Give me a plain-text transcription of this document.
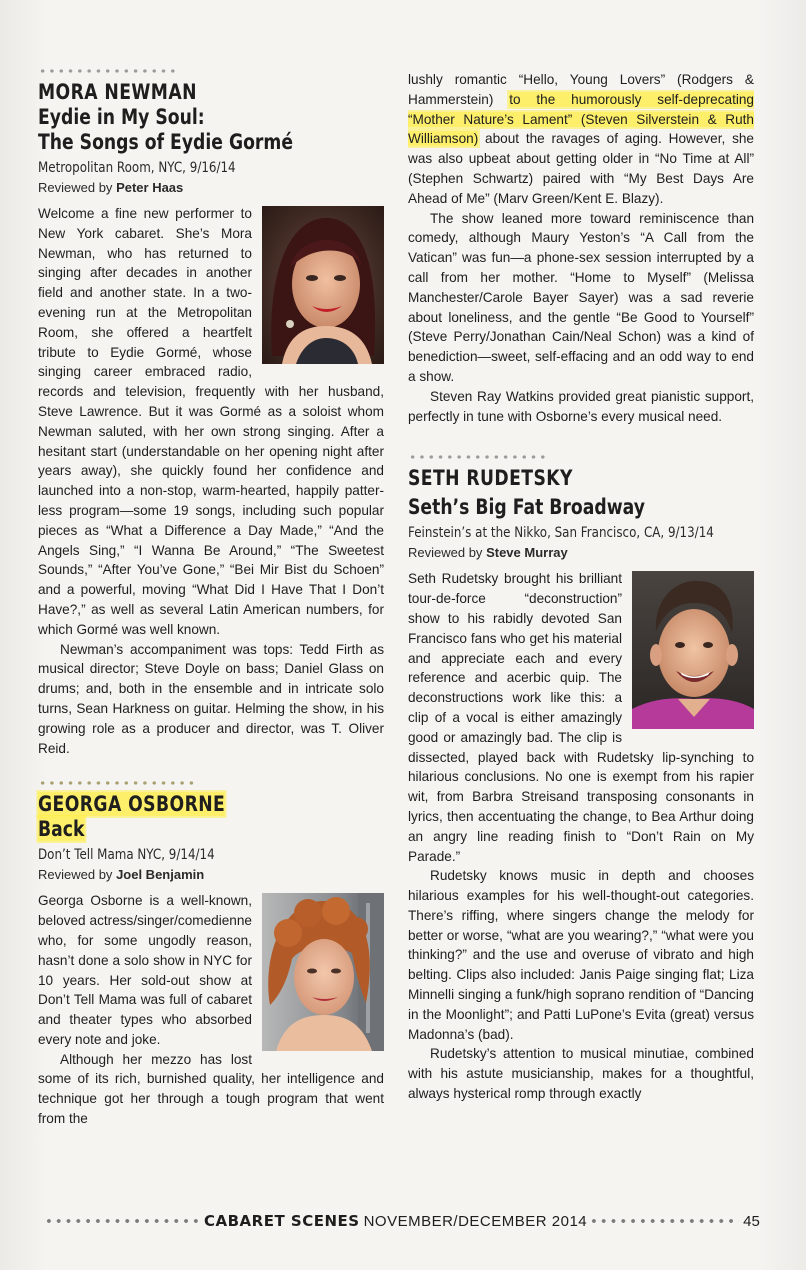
MORA NEWMAN
Eydie in My Soul:
The Songs of Eydie Gormé
Metropolitan Room, NYC, 9/16/14
Reviewed by Peter Haas

Welcome a fine new performer to New York cabaret. She’s Mora Newman, who has returned to singing after decades in another field and another state. In a two-evening run at the Metropolitan Room, she offered a heartfelt tribute to Eydie Gormé, whose singing career embraced radio, records and television, frequently with her husband, Steve Lawrence. But it was Gormé as a soloist whom Newman saluted, with her own strong singing. After a hesitant start (understandable on her opening night after years away), she quickly found her confidence and launched into a non-stop, warm-hearted, happily patter-less program—some 19 songs, including such popular pieces as “What a Difference a Day Made,” “And the Angels Sing,” “I Wanna Be Around,” “The Sweetest Sounds,” “After You’ve Gone,” “Bei Mir Bist du Schoen” and a powerful, moving “What Did I Have That I Don’t Have?,” as well as several Latin American numbers, for which Gormé was well known.

Newman’s accompaniment was tops: Tedd Firth as musical director; Steve Doyle on bass; Daniel Glass on drums; and, both in the ensemble and in intricate solo turns, Sean Harkness on guitar. Helming the show, in his growing role as a producer and director, was T. Oliver Reid.

GEORGA OSBORNE
Back
Don’t Tell Mama NYC, 9/14/14
Reviewed by Joel Benjamin

Georga Osborne is a well-known, beloved actress/singer/comedienne who, for some ungodly reason, hasn’t done a solo show in NYC for 10 years. Her sold-out show at Don’t Tell Mama was full of cabaret and theater types who absorbed every note and joke.

Although her mezzo has lost some of its rich, burnished quality, her intelligence and technique got her through a tough program that went from the

lushly romantic “Hello, Young Lovers” (Rodgers & Hammerstein) to the humorously self-deprecating “Mother Nature’s Lament” (Steven Silverstein & Ruth Williamson) about the ravages of aging. However, she was also upbeat about getting older in “No Time at All” (Stephen Schwartz) paired with “My Best Days Are Ahead of Me” (Marv Green/Kent E. Blazy).

The show leaned more toward reminiscence than comedy, although Maury Yeston’s “A Call from the Vatican” was fun—a phone-sex session interrupted by a call from her mother. “Home to Myself” (Melissa Manchester/Carole Bayer Sayer) was a sad reverie about loneliness, and the gentle “Be Good to Yourself” (Steve Perry/Jonathan Cain/Neal Schon) was a kind of benediction—sweet, self-effacing and an odd way to end a show.

Steven Ray Watkins provided great pianistic support, perfectly in tune with Osborne’s every musical need.

SETH RUDETSKY
Seth’s Big Fat Broadway
Feinstein’s at the Nikko, San Francisco, CA, 9/13/14
Reviewed by Steve Murray

Seth Rudetsky brought his brilliant tour-de-force “deconstruction” show to his rabidly devoted San Francisco fans who get his material and appreciate each and every reference and acerbic quip. The deconstructions work like this: a clip of a vocal is either amazingly good or amazingly bad. The clip is dissected, played back with Rudetsky lip-synching to hilarious conclusions. No one is exempt from his rapier wit, from Barbra Streisand transposing consonants in lyrics, then accentuating the change, to Bea Arthur doing an angry line reading finish to “Don’t Rain on My Parade.”

Rudetsky knows music in depth and chooses hilarious examples for his well-thought-out categories. There’s riffing, where singers change the melody for better or worse, “what are you wearing?,” “what were you thinking?” and the use and overuse of vibrato and high belting. Clips also included: Janis Paige singing flat; Liza Minnelli singing a funk/high soprano rendition of “Dancing in the Moonlight”; and Patti LuPone’s Evita (great) versus Madonna’s (bad).

Rudetsky’s attention to musical minutiae, combined with his astute musicianship, makes for a thoughtful, always hysterical romp through exactly

CABARET SCENES NOVEMBER/DECEMBER 2014	45
